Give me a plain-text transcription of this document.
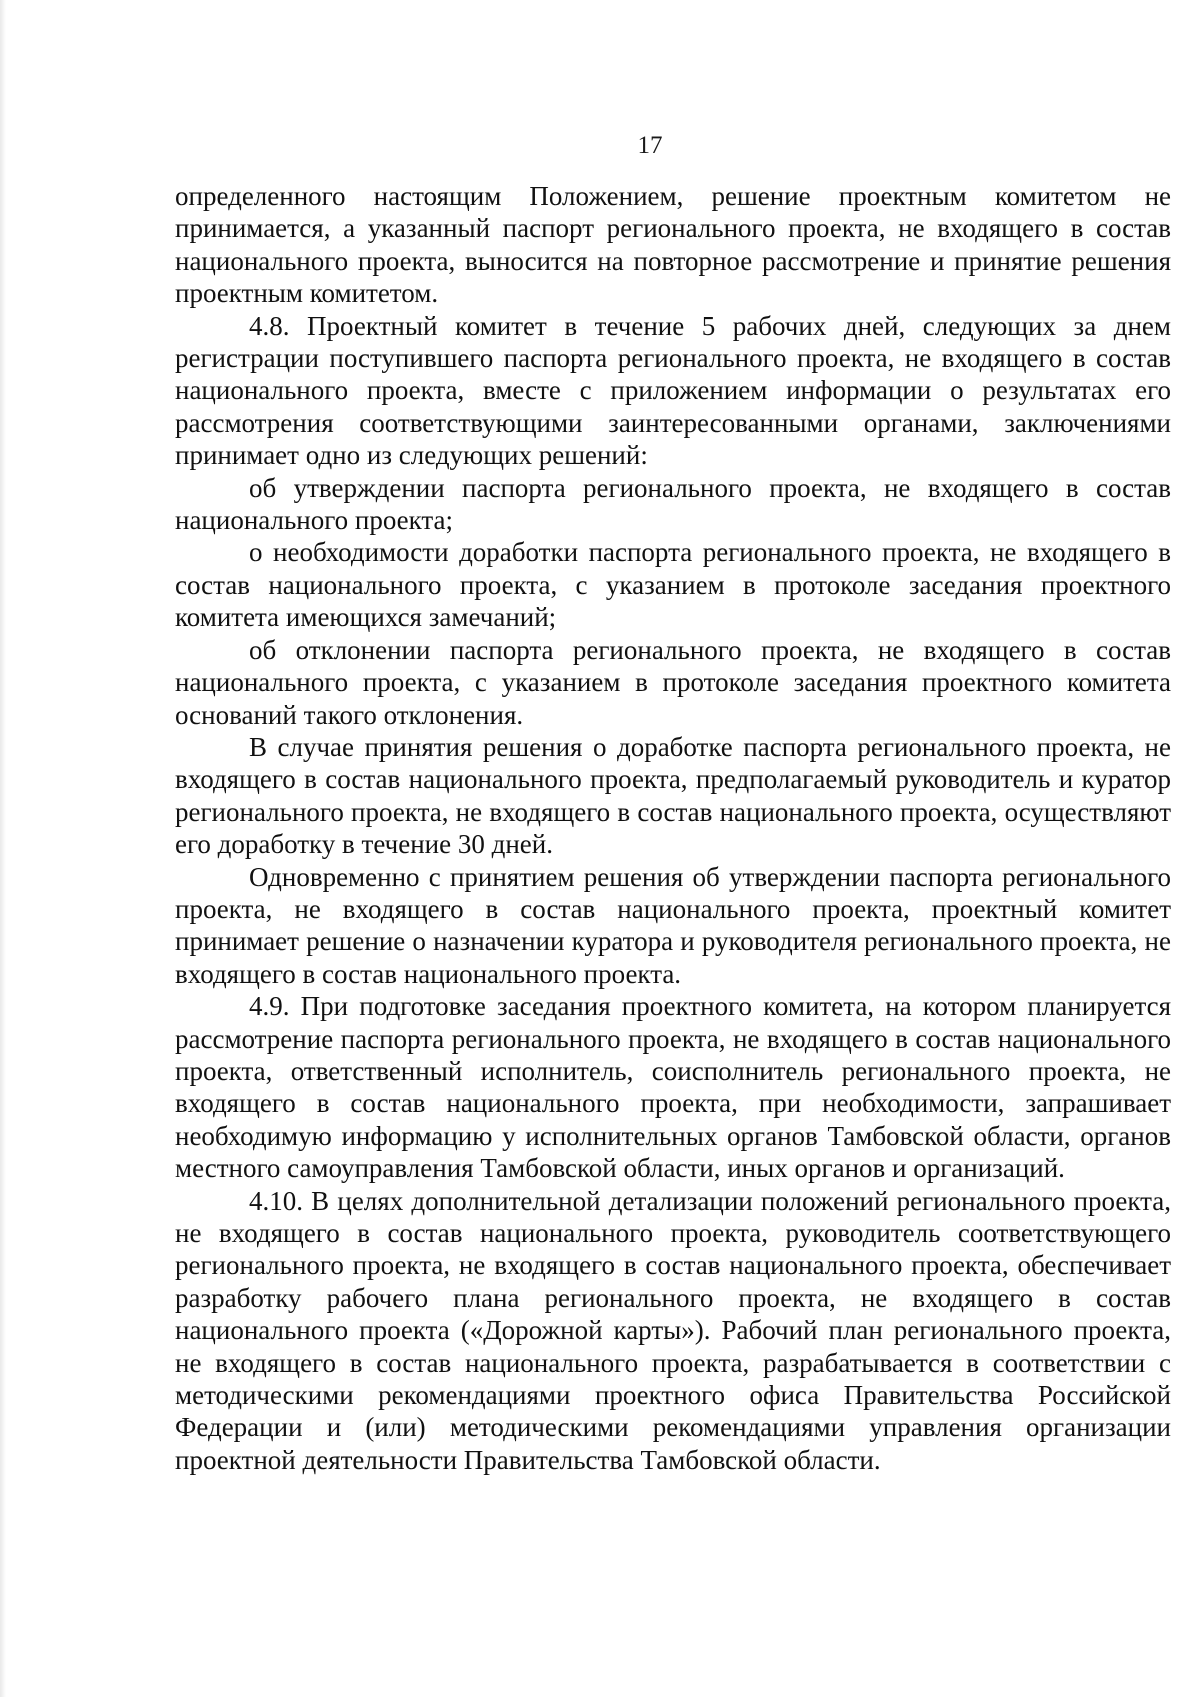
17

определенного настоящим Положением, решение проектным комитетом не принимается, а указанный паспорт регионального проекта, не входящего в состав национального проекта, выносится на повторное рассмотрение и принятие решения проектным комитетом.

4.8. Проектный комитет в течение 5 рабочих дней, следующих за днем регистрации поступившего паспорта регионального проекта, не входящего в состав национального проекта, вместе с приложением информации о результатах его рассмотрения соответствующими заинтересованными органами, заключениями принимает одно из следующих решений:

об утверждении паспорта регионального проекта, не входящего в состав национального проекта;

о необходимости доработки паспорта регионального проекта, не входящего в состав национального проекта, с указанием в протоколе заседания проектного комитета имеющихся замечаний;

об отклонении паспорта регионального проекта, не входящего в состав национального проекта, с указанием в протоколе заседания проектного комитета оснований такого отклонения.

В случае принятия решения о доработке паспорта регионального проекта, не входящего в состав национального проекта, предполагаемый руководитель и куратор регионального проекта, не входящего в состав национального проекта, осуществляют его доработку в течение 30 дней.

Одновременно с принятием решения об утверждении паспорта регионального проекта, не входящего в состав национального проекта, проектный комитет принимает решение о назначении куратора и руководителя регионального проекта, не входящего в состав национального проекта.

4.9. При подготовке заседания проектного комитета, на котором планируется рассмотрение паспорта регионального проекта, не входящего в состав национального проекта, ответственный исполнитель, соисполнитель регионального проекта, не входящего в состав национального проекта, при необходимости, запрашивает необходимую информацию у исполнительных органов Тамбовской области, органов местного самоуправления Тамбовской области, иных органов и организаций.

4.10. В целях дополнительной детализации положений регионального проекта, не входящего в состав национального проекта, руководитель соответствующего регионального проекта, не входящего в состав национального проекта, обеспечивает разработку рабочего плана регионального проекта, не входящего в состав национального проекта («Дорожной карты»). Рабочий план регионального проекта, не входящего в состав национального проекта, разрабатывается в соответствии с методическими рекомендациями проектного офиса Правительства Российской Федерации и (или) методическими рекомендациями управления организации проектной деятельности Правительства Тамбовской области.
